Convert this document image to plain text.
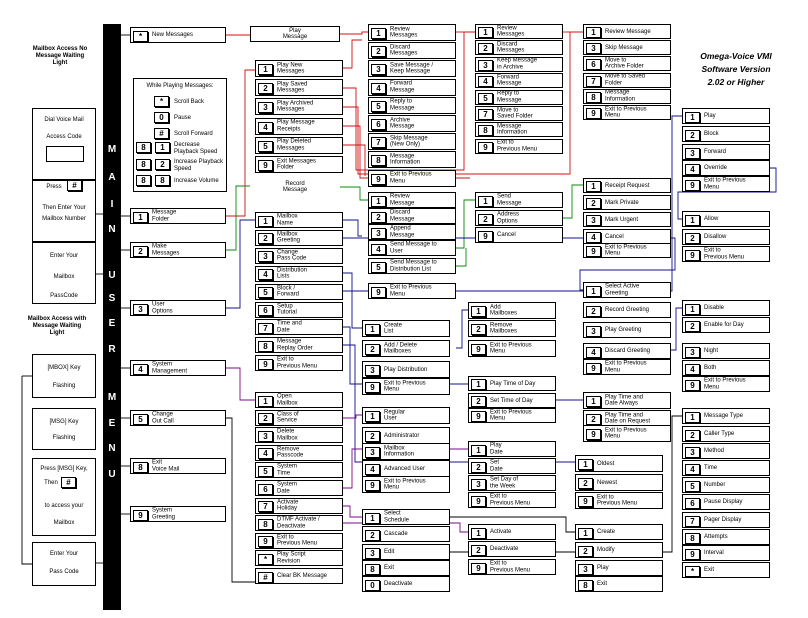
M
A
I
N
U
S
E
R
M
E
N
U
Omega-Voice VMI
Software Version
2.02 or Higher
Mailbox Access No
Message Waiting
Light
Dial Voice Mail
Access Code
Press	#
Then Enter Your
Mailbox Number
Enter Your
Mailbox
PassCode
Mailbox Access with
Message Waiting
Light
[MBOX] Key
Flashing
[MSG] Key
Flashing
Press [MSG] Key,
Then	#
to access your
Mailbox
Enter Your
Pass Code
While Playing Messages:
*	Scroll Back
0	Pause
#	Scroll Forward
8	1	Decrease
Playback Speed
8	2	Increase Playback
Speed
8	8	Increase Volume
Play
Message
Record
Message
*	New Messages
1	Message
Folder
2	Make
Messages
3	User
Options
4	System
Management
5	Change
Out Call
8	Exit
Voice Mail
9	System
Greeting
1	Play New
Messages
2	Play Saved
Messages
3	Play Archived
Messages
4	Play Message
Receipts
5	Play Deleted
Messages
9	Exit Messages
Folder
1	Review
Messages
2	Discard
Messages
3	Save Message /
Keep Message
4	Forward
Message
5	Reply to
Message
6	Archive
Message
7	Skip Message
(New Only)
8	Message
Information
9	Exit to Previous
Menu
1	Review
Messages
2	Discard
Messages
3	Keep Message
in Archive
4	Forward
Message
5	Reply to
Message
7	Move to
Saved Folder
8	Message
Information
9	Exit to
Previous Menu
1	Review Message
3	Skip Message
6	Move to
Archive Folder
7	Move to Saved
Folder
8	Message
Information
9	Exit to Previous
Menu
1	Review
Message
2	Discard
Message
3	Append
Message
4	Send Message to
User
5	Send Message to
Distribution List
9	Exit to Previous
Menu
1	Send
Message
2	Address
Options
9	Cancel
1	Receipt Request
2	Mark Private
3	Mark Urgent
4	Cancel
9	Exit to Previous
Menu
1	Mailbox
Name
2	Mailbox
Greeting
3	Change
Pass Code
4	Distribution
Lists
5	Block /
Forward
6	Setup
Tutorial
7	Time and
Date
8	Message
Replay Order
9	Exit to
Previous Menu
1	Create
List
2	Add / Delete
Mailboxes
3	Play Distribution
9	Exit to Previous
Menu
1	Add
Mailboxes
2	Remove
Mailboxes
9	Exit to Previous
Menu
1	Select Active
Greeting
2	Record Greeting
3	Play Greeting
4	Discard Greeting
9	Exit to Previous
Menu
1	Play
2	Block
3	Forward
4	Override
9	Exit to Previous
Menu
1	Allow
2	Disallow
9	Exit to
Previous Menu
1	Disable
2	Enable for Day
3	Night
4	Both
9	Exit to Previous
Menu
1	Play Time of Day
2	Set Time of Day
9	Exit to Previous
Menu
1	Play Time and
Date Always
2	Play Time and
Date on Request
9	Exit to Previous
Menu
1	Oldest
2	Newest
9	Exit to
Previous Menu
1	Open
Mailbox
2	Class of
Service
3	Delete
Mailbox
4	Remove
Passcode
5	System
Time
6	System
Date
7	Activate
Holiday
8	DTMF Activate /
Deactivate
9	Exit to
Previous Menu
*	Play Script
Revision
#	Clear BK Message
1	Regular
User
2	Administrator
3	Mailbox
Information
4	Advanced User
9	Exit to Previous
Menu
1	Play
Date
2	Set
Date
3	Set Day of
the Week
9	Exit to
Previous Menu
1	Select
Schedule
2	Cascade
3	Edit
8	Exit
0	Deactivate
1	Activate
2	Deactivate
9	Exit to
Previous Menu
1	Create
2	Modify
3	Play
8	Exit
1	Message Type
2	Caller Type
3	Method
4	Time
5	Number
6	Pause Display
7	Pager Display
8	Attempts
9	Interval
*	Exit
